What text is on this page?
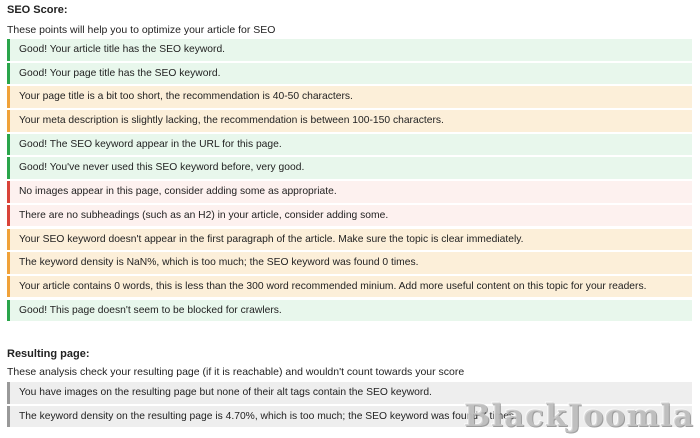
SEO Score:

These points will help you to optimize your article for SEO

Good! Your article title has the SEO keyword.
Good! Your page title has the SEO keyword.
Your page title is a bit too short, the recommendation is 40-50 characters.
Your meta description is slightly lacking, the recommendation is between 100-150 characters.
Good! The SEO keyword appear in the URL for this page.
Good! You've never used this SEO keyword before, very good.
No images appear in this page, consider adding some as appropriate.
There are no subheadings (such as an H2) in your article, consider adding some.
Your SEO keyword doesn't appear in the first paragraph of the article. Make sure the topic is clear immediately.
The keyword density is NaN%, which is too much; the SEO keyword was found 0 times.
Your article contains 0 words, this is less than the 300 word recommended minium. Add more useful content on this topic for your readers.
Good! This page doesn't seem to be blocked for crawlers.

Resulting page:

These analysis check your resulting page (if it is reachable) and wouldn't count towards your score

You have images on the resulting page but none of their alt tags contain the SEO keyword.
The keyword density on the resulting page is 4.70%, which is too much; the SEO keyword was found 7 times.
BlackJoomla
